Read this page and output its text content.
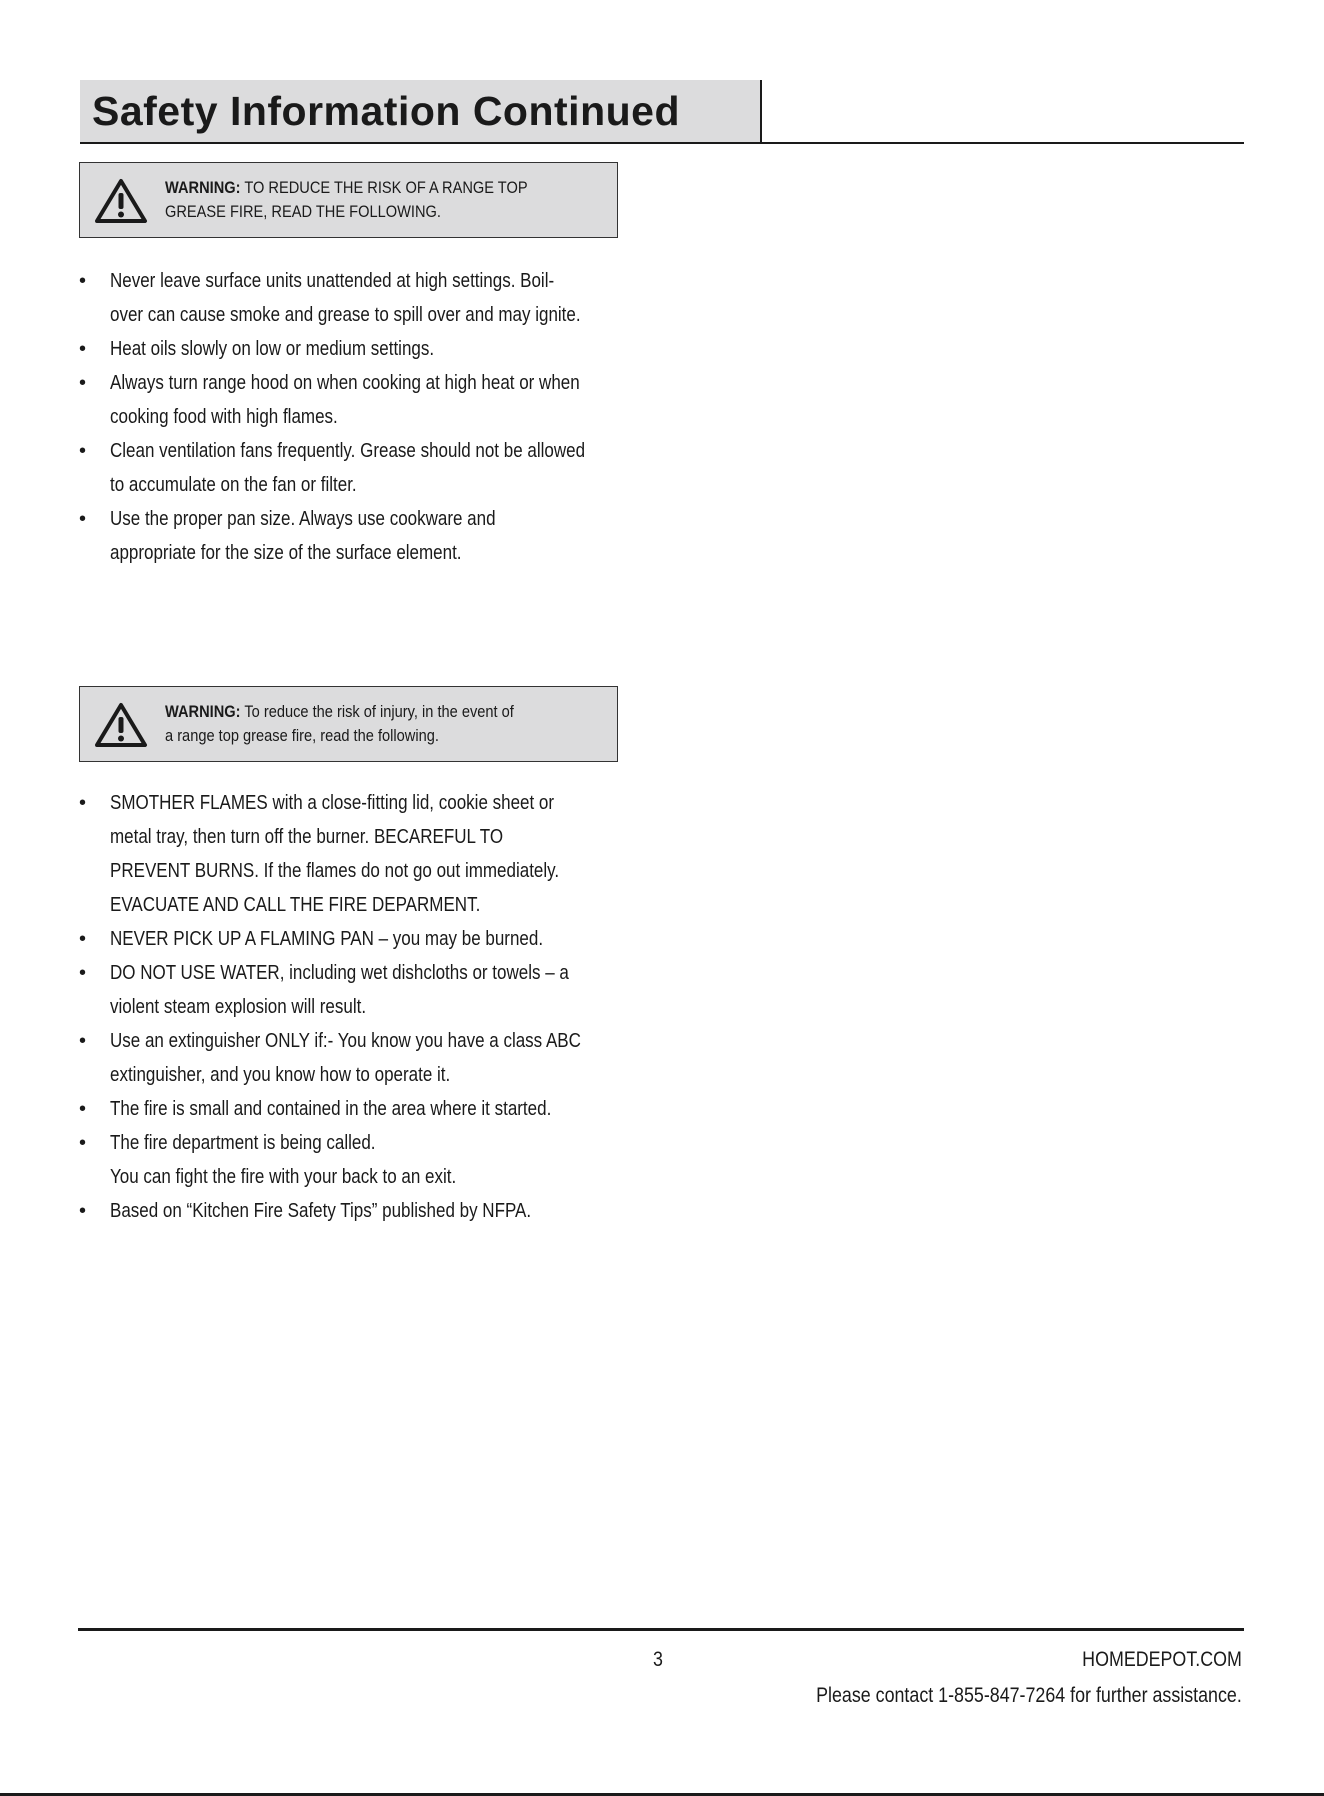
Safety Information Continued
WARNING: TO REDUCE THE RISK OF A RANGE TOP
GREASE FIRE, READ THE FOLLOWING.
• Never leave surface units unattended at high settings. Boil-over can cause smoke and grease to spill over and may ignite.
• Heat oils slowly on low or medium settings.
• Always turn range hood on when cooking at high heat or when cooking food with high flames.
• Clean ventilation fans frequently. Grease should not be allowed to accumulate on the fan or filter.
• Use the proper pan size. Always use cookware and appropriate for the size of the surface element.
WARNING: To reduce the risk of injury, in the event of
a range top grease fire, read the following.
• SMOTHER FLAMES with a close-fitting lid, cookie sheet or metal tray, then turn off the burner. BECAREFUL TO PREVENT BURNS. If the flames do not go out immediately. EVACUATE AND CALL THE FIRE DEPARMENT.
• NEVER PICK UP A FLAMING PAN – you may be burned.
• DO NOT USE WATER, including wet dishcloths or towels – a violent steam explosion will result.
• Use an extinguisher ONLY if:- You know you have a class ABC extinguisher, and you know how to operate it.
• The fire is small and contained in the area where it started.
• The fire department is being called.
You can fight the fire with your back to an exit.
• Based on “Kitchen Fire Safety Tips” published by NFPA.
3	HOMEDEPOT.COM
Please contact 1-855-847-7264 for further assistance.
